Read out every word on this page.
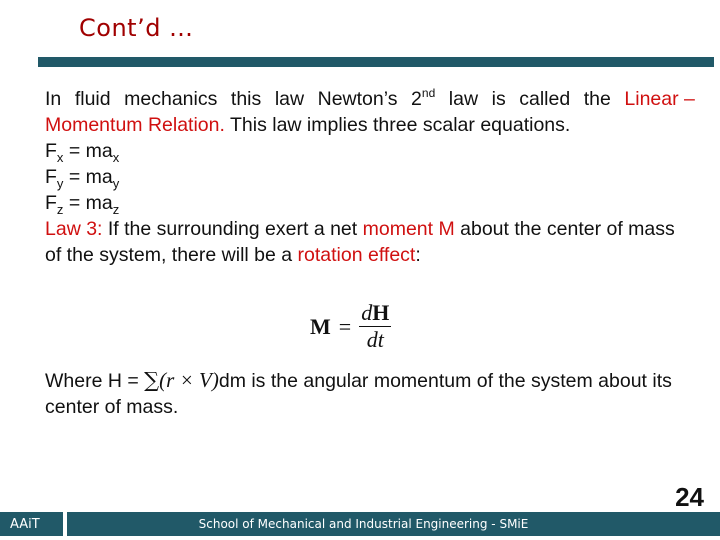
Cont’d …

In fluid mechanics this law Newton’s 2nd law is called the Linear –
Momentum Relation. This law implies three scalar equations.

$F_x = ma_x$

$F_y = ma_y$

$F_z = ma_z$

Law 3: If the surrounding exert a net moment M about the center of mass of the system, there will be a rotation effect:

$M = \frac{dH}{dt}$

Where H = ∑(r × V)dm is the angular momentum of the system about its center of mass.

24
AAiT	School of Mechanical and Industrial Engineering - SMiE
